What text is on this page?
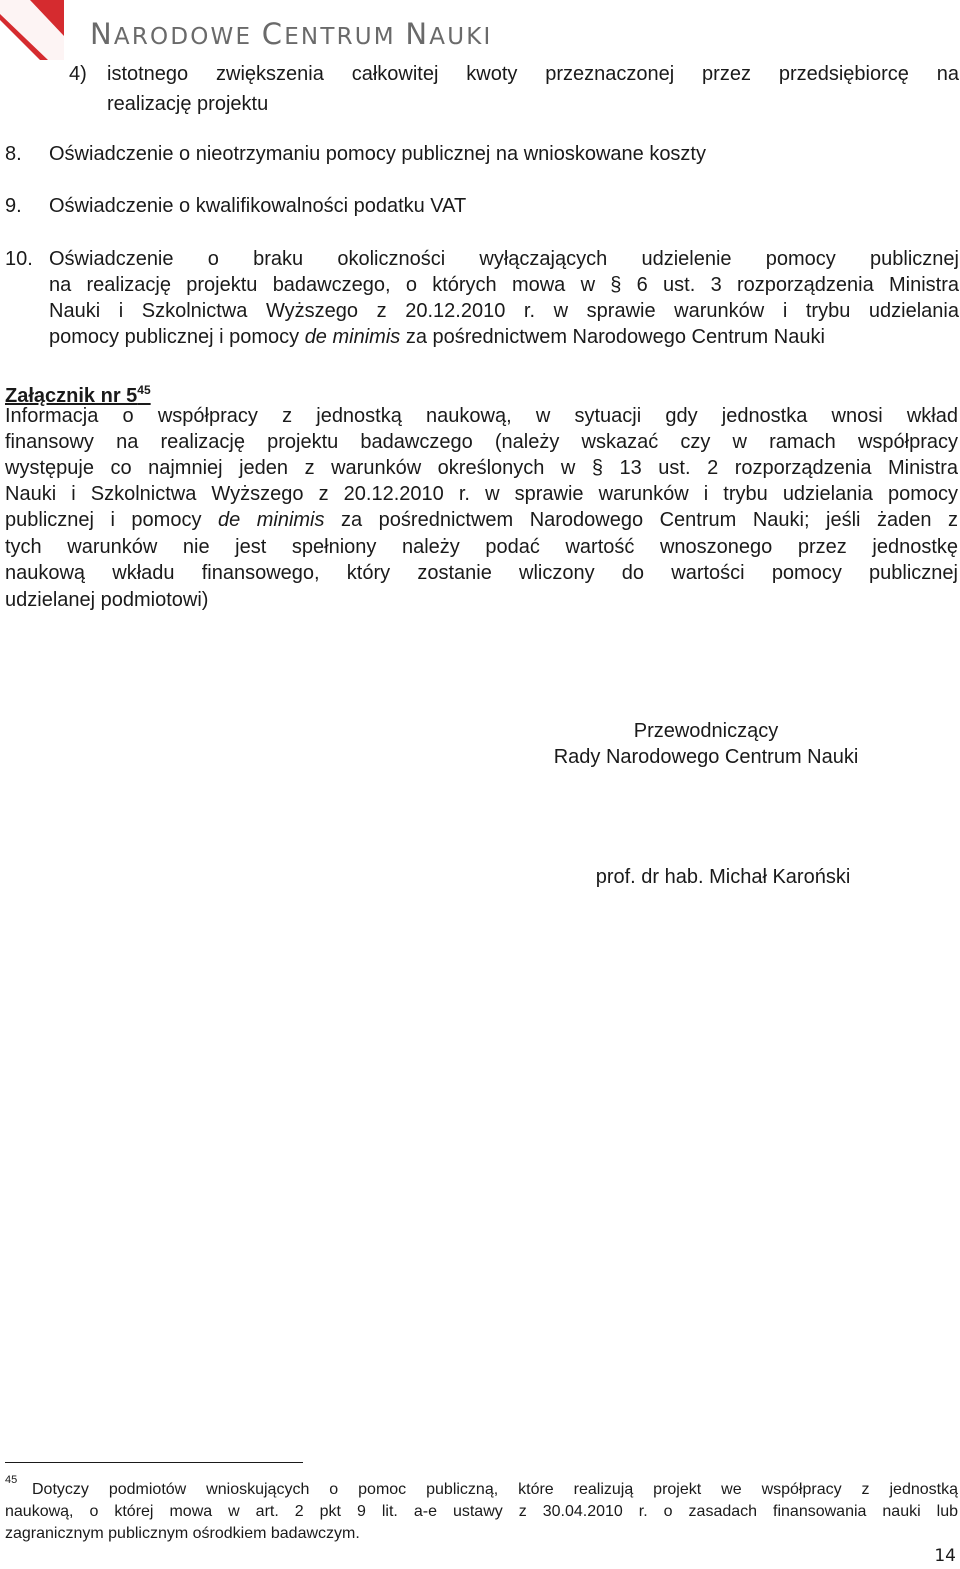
NARODOWE CENTRUM NAUKI
4) istotnego zwiększenia całkowitej kwoty przeznaczonej przez przedsiębiorcę na
realizację projektu
8. Oświadczenie o nieotrzymaniu pomocy publicznej na wnioskowane koszty
9. Oświadczenie o kwalifikowalności podatku VAT
10. Oświadczenie o braku okoliczności wyłączających udzielenie pomocy publicznej
na realizację projektu badawczego, o których mowa w § 6 ust. 3 rozporządzenia Ministra
Nauki i Szkolnictwa Wyższego z 20.12.2010 r. w sprawie warunków i trybu udzielania
pomocy publicznej i pomocy de minimis za pośrednictwem Narodowego Centrum Nauki
Załącznik nr $5^{45}$
Informacja o współpracy z jednostką naukową, w sytuacji gdy jednostka wnosi wkład
finansowy na realizację projektu badawczego (należy wskazać czy w ramach współpracy
występuje co najmniej jeden z warunków określonych w § 13 ust. 2 rozporządzenia Ministra
Nauki i Szkolnictwa Wyższego z 20.12.2010 r. w sprawie warunków i trybu udzielania pomocy
publicznej i pomocy de minimis za pośrednictwem Narodowego Centrum Nauki; jeśli żaden z
tych warunków nie jest spełniony należy podać wartość wnoszonego przez jednostkę
naukową wkładu finansowego, który zostanie wliczony do wartości pomocy publicznej
udzielanej podmiotowi)
Przewodniczący
Rady Narodowego Centrum Nauki
prof. dr hab. Michał Karoński
45
Dotyczy podmiotów wnioskujących o pomoc publiczną, które realizują projekt we współpracy z jednostką
naukową, o której mowa w art. 2 pkt 9 lit. a-e ustawy z 30.04.2010 r. o zasadach finansowania nauki lub
zagranicznym publicznym ośrodkiem badawczym.
14
